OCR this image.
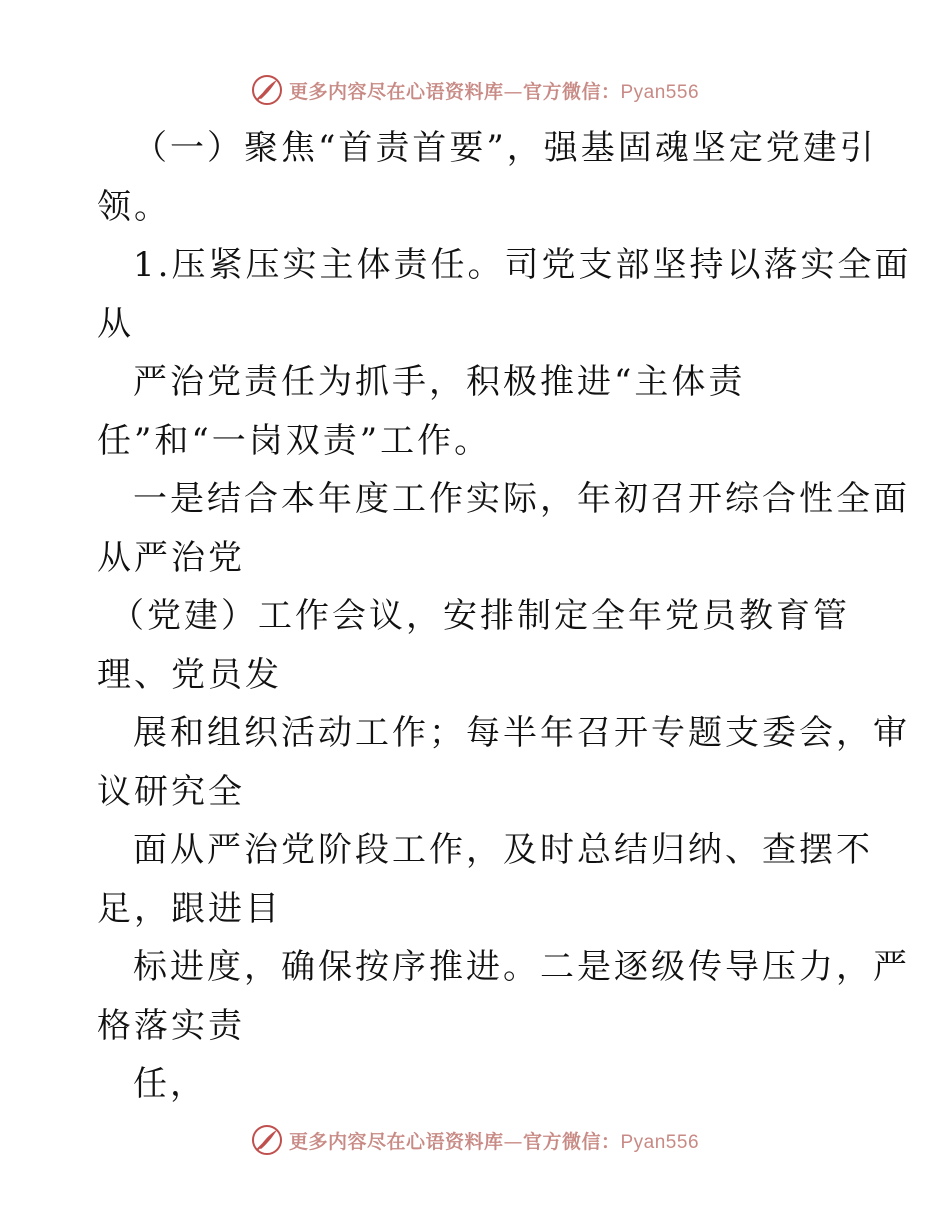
更多内容尽在心语资料库—官方微信：Pyan556
（一）聚焦“首责首要”，强基固魂坚定党建引
领。
1.压紧压实主体责任。司党支部坚持以落实全面
从
严治党责任为抓手，积极推进“主体责
任”和“一岗双责”工作。
一是结合本年度工作实际，年初召开综合性全面
从严治党
（党建）工作会议，安排制定全年党员教育管
理、党员发
展和组织活动工作；每半年召开专题支委会，审
议研究全
面从严治党阶段工作，及时总结归纳、查摆不
足，跟进目
标进度，确保按序推进。二是逐级传导压力，严
格落实责
任，
更多内容尽在心语资料库—官方微信：Pyan556
